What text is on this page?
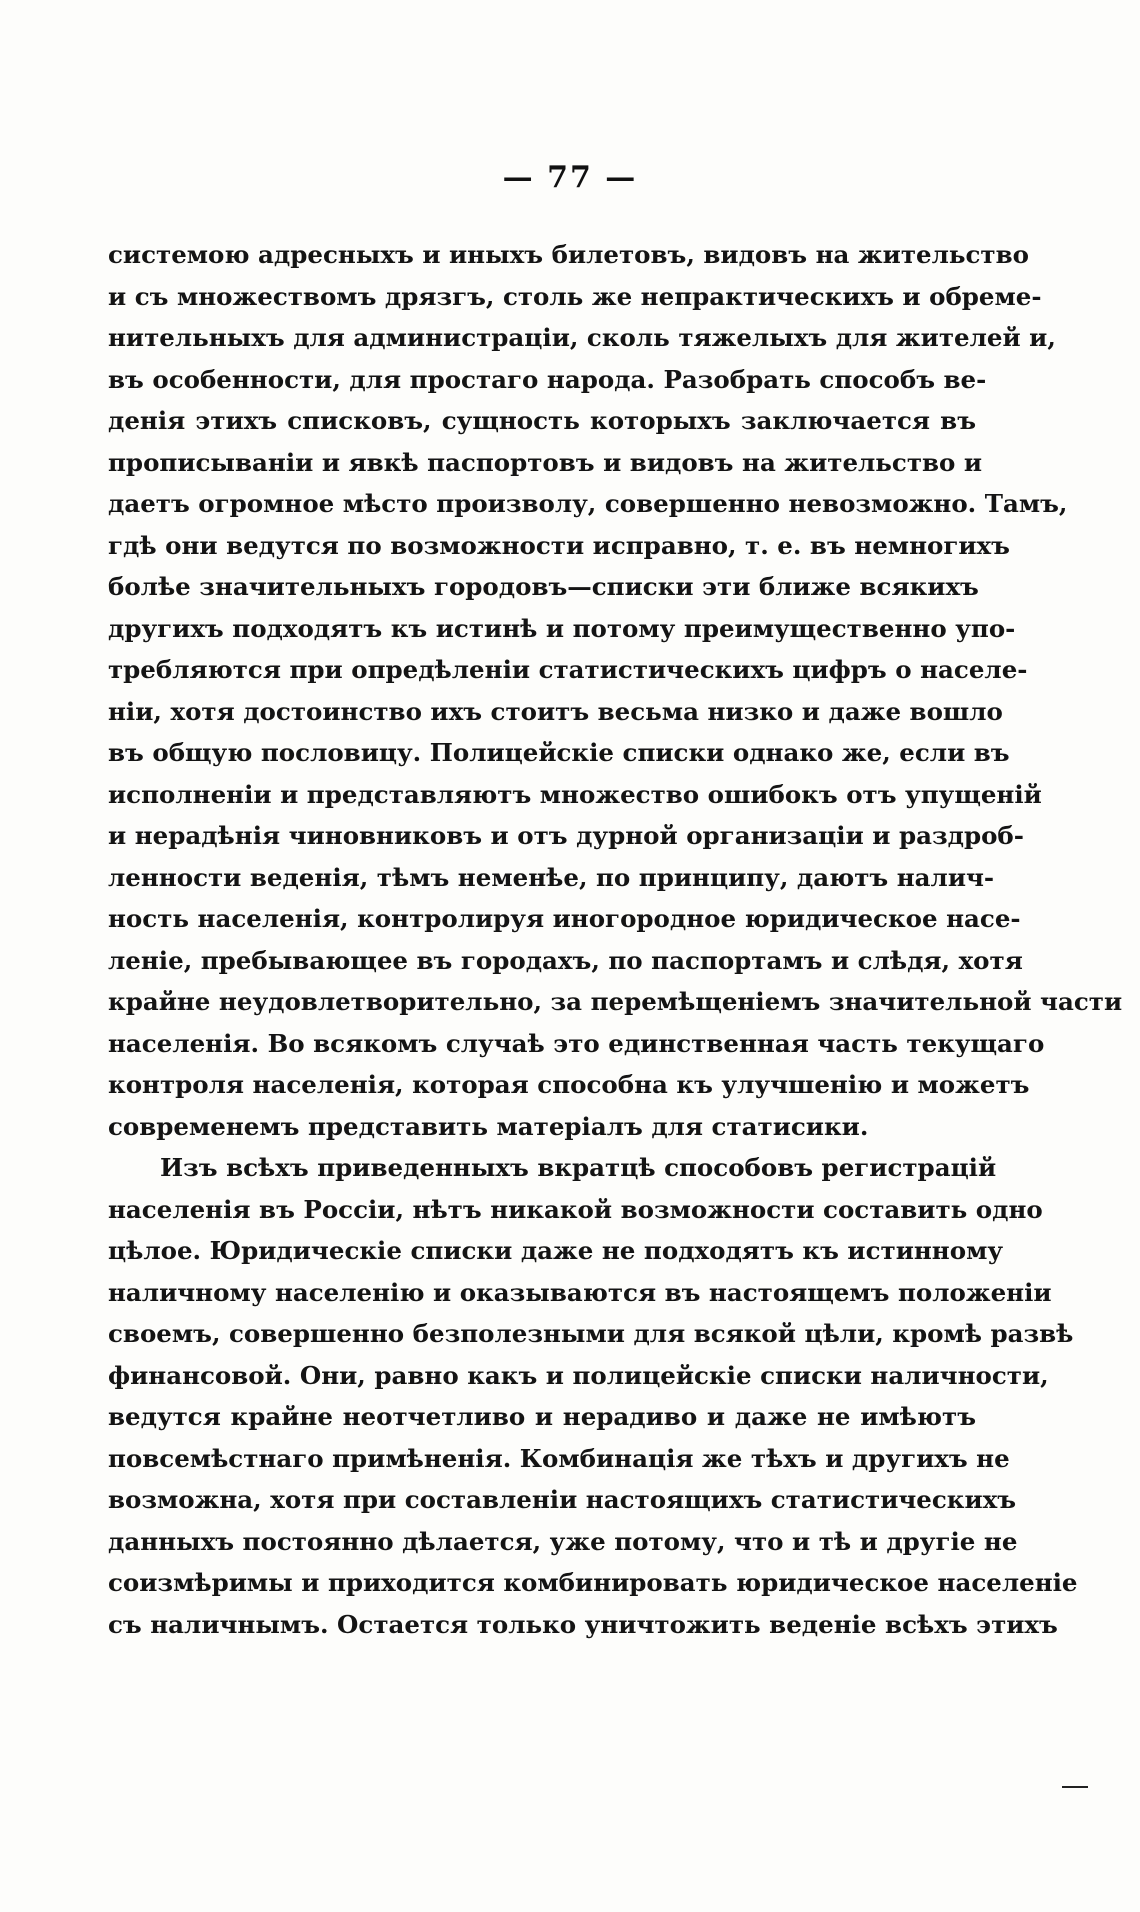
— 77 —
системою адресныхъ и иныхъ билетовъ, видовъ на жительство
и съ множествомъ дрязгъ, столь же непрактическихъ и обреме-
нительныхъ для администраціи, сколь тяжелыхъ для жителей и,
въ особенности, для простаго народа. Разобрать способъ ве-
денія этихъ списковъ, сущность которыхъ заключается въ
прописываніи и явкѣ паспортовъ и видовъ на жительство и
даетъ огромное мѣсто произволу, совершенно невозможно. Тамъ,
гдѣ они ведутся по возможности исправно, т. е. въ немногихъ
болѣе значительныхъ городовъ—списки эти ближе всякихъ
другихъ подходятъ къ истинѣ и потому преимущественно упо-
требляются при опредѣленіи статистическихъ цифръ о населе-
ніи, хотя достоинство ихъ стоитъ весьма низко и даже вошло
въ общую пословицу. Полицейскіе списки однако же, если въ
исполненіи и представляютъ множество ошибокъ отъ упущеній
и нерадѣнія чиновниковъ и отъ дурной организаціи и раздроб-
ленности веденія, тѣмъ неменѣе, по принципу, даютъ налич-
ность населенія, контролируя иногородное юридическое насе-
леніе, пребывающее въ городахъ, по паспортамъ и слѣдя, хотя
крайне неудовлетворительно, за перемѣщеніемъ значительной части
населенія. Во всякомъ случаѣ это единственная часть текущаго
контроля населенія, которая способна къ улучшенію и можетъ
современемъ представить матеріалъ для статисики.
Изъ всѣхъ приведенныхъ вкратцѣ способовъ регистрацій
населенія въ Россіи, нѣтъ никакой возможности составить одно
цѣлое. Юридическіе списки даже не подходятъ къ истинному
наличному населенію и оказываются въ настоящемъ положеніи
своемъ, совершенно безполезными для всякой цѣли, кромѣ развѣ
финансовой. Они, равно какъ и полицейскіе списки наличности,
ведутся крайне неотчетливо и нерадиво и даже не имѣютъ
повсемѣстнаго примѣненія. Комбинація же тѣхъ и другихъ не
возможна, хотя при составленіи настоящихъ статистическихъ
данныхъ постоянно дѣлается, уже потому, что и тѣ и другіе не
соизмѣримы и приходится комбинировать юридическое населеніе
съ наличнымъ. Остается только уничтожить веденіе всѣхъ этихъ
